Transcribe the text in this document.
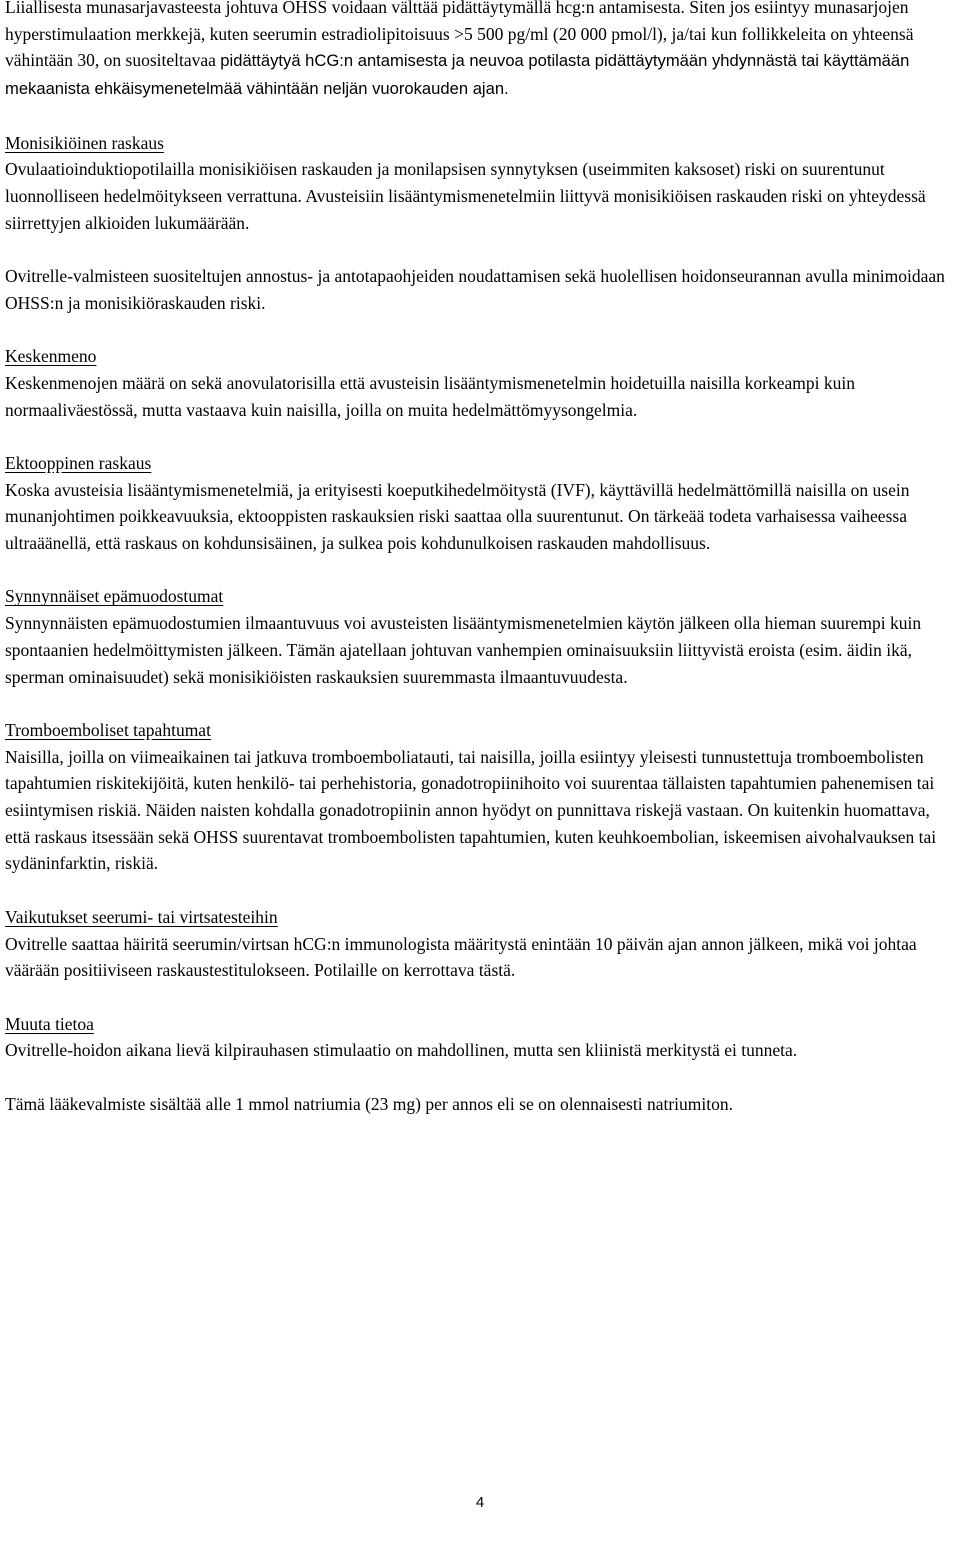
Liiallisesta munasarjavasteesta johtuva OHSS voidaan välttää pidättäytymällä hcg:n antamisesta. Siten jos esiintyy munasarjojen hyperstimulaation merkkejä, kuten seerumin estradiolipitoisuus >5 500 pg/ml (20 000 pmol/l), ja/tai kun follikkeleita on yhteensä vähintään 30, on suositeltavaa pidättäytyä hCG:n antamisesta ja neuvoa potilasta pidättäytymään yhdynnästä tai käyttämään mekaanista ehkäisymenetelmää vähintään neljän vuorokauden ajan.

Monisikiöinen raskaus

Ovulaatioinduktiopotilailla monisikiöisen raskauden ja monilapsisen synnytyksen (useimmiten kaksoset) riski on suurentunut luonnolliseen hedelmöitykseen verrattuna. Avusteisiin lisääntymismenetelmiin liittyvä monisikiöisen raskauden riski on yhteydessä siirrettyjen alkioiden lukumäärään.

Ovitrelle-valmisteen suositeltujen annostus- ja antotapaohjeiden noudattamisen sekä huolellisen hoidonseurannan avulla minimoidaan OHSS:n ja monisikiöraskauden riski.

Keskenmeno

Keskenmenojen määrä on sekä anovulatorisilla että avusteisin lisääntymismenetelmin hoidetuilla naisilla korkeampi kuin normaaliväestössä, mutta vastaava kuin naisilla, joilla on muita hedelmättömyysongelmia.

Ektooppinen raskaus

Koska avusteisia lisääntymismenetelmiä, ja erityisesti koeputkihedelmöitystä (IVF), käyttävillä hedelmättömillä naisilla on usein munanjohtimen poikkeavuuksia, ektooppisten raskauksien riski saattaa olla suurentunut. On tärkeää todeta varhaisessa vaiheessa ultraäänellä, että raskaus on kohdunsisäinen, ja sulkea pois kohdunulkoisen raskauden mahdollisuus.

Synnynnäiset epämuodostumat

Synnynnäisten epämuodostumien ilmaantuvuus voi avusteisten lisääntymismenetelmien käytön jälkeen olla hieman suurempi kuin spontaanien hedelmöittymisten jälkeen. Tämän ajatellaan johtuvan vanhempien ominaisuuksiin liittyvistä eroista (esim. äidin ikä, sperman ominaisuudet) sekä monisikiöisten raskauksien suuremmasta ilmaantuvuudesta.

Tromboemboliset tapahtumat

Naisilla, joilla on viimeaikainen tai jatkuva tromboemboliatauti, tai naisilla, joilla esiintyy yleisesti tunnustettuja tromboembolisten tapahtumien riskitekijöitä, kuten henkilö- tai perhehistoria, gonadotropiinihoito voi suurentaa tällaisten tapahtumien pahenemisen tai esiintymisen riskiä. Näiden naisten kohdalla gonadotropiinin annon hyödyt on punnittava riskejä vastaan. On kuitenkin huomattava, että raskaus itsessään sekä OHSS suurentavat tromboembolisten tapahtumien, kuten keuhkoembolian, iskeemisen aivohalvauksen tai sydäninfarktin, riskiä.

Vaikutukset seerumi- tai virtsatesteihin

Ovitrelle saattaa häiritä seerumin/virtsan hCG:n immunologista määritystä enintään 10 päivän ajan annon jälkeen, mikä voi johtaa väärään positiiviseen raskaustestitulokseen. Potilaille on kerrottava tästä.

Muuta tietoa

Ovitrelle-hoidon aikana lievä kilpirauhasen stimulaatio on mahdollinen, mutta sen kliinistä merkitystä ei tunneta.

Tämä lääkevalmiste sisältää alle 1 mmol natriumia (23 mg) per annos eli se on olennaisesti natriumiton.

4
